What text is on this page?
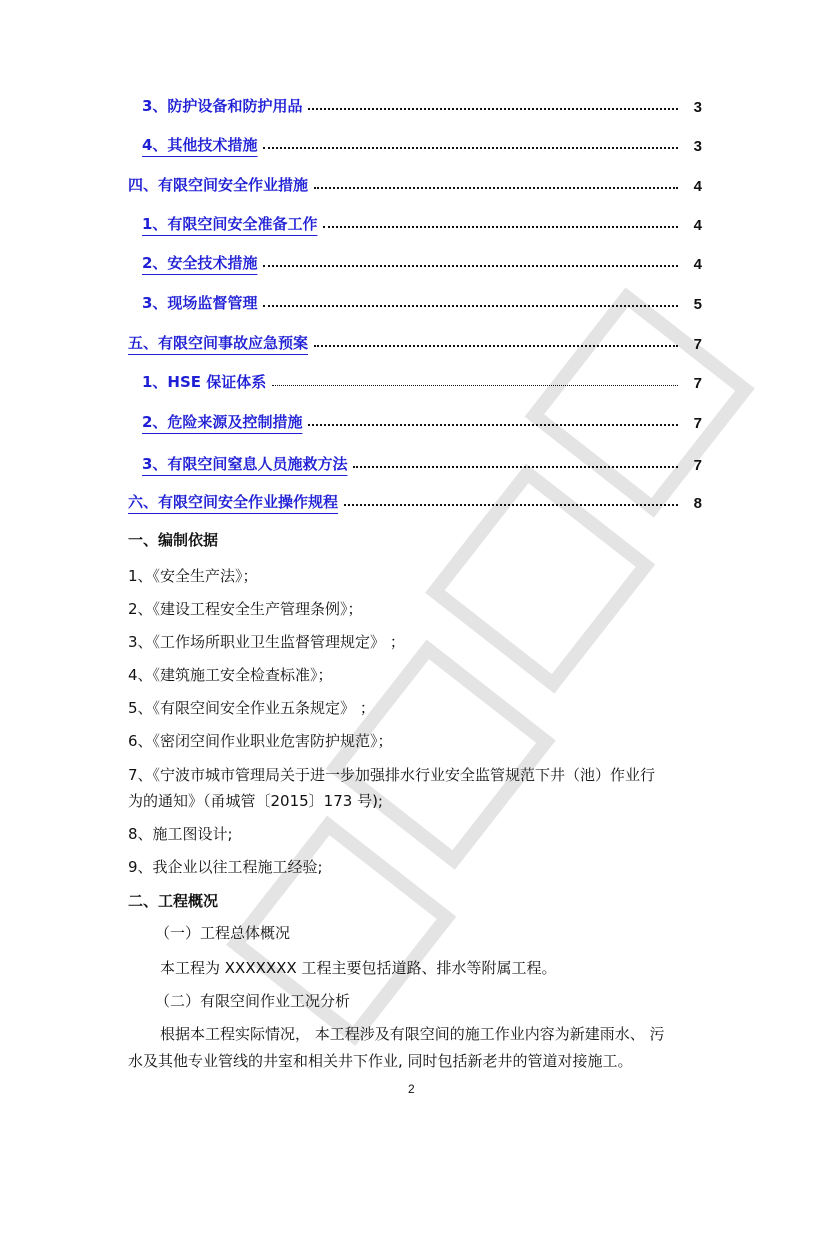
3、防护设备和防护用品	3
4、其他技术措施	3
四、有限空间安全作业措施	4
1、有限空间安全准备工作	4
2、安全技术措施	4
3、现场监督管理	5
五、有限空间事故应急预案	7
1、HSE 保证体系	7
2、危险来源及控制措施	7
3、有限空间窒息人员施救方法	7
六、有限空间安全作业操作规程	8
一、编制依据
1、《安全生产法》；
2、《建设工程安全生产管理条例》；
3、《工作场所职业卫生监督管理规定》 ；
4、《建筑施工安全检查标准》；
5、《有限空间安全作业五条规定》 ；
6、《密闭空间作业职业危害防护规范》；
7、《宁波市城市管理局关于进一步加强排水行业安全监管规范下井（池）作业行
为的通知》（甬城管〔2015〕173 号);
8、施工图设计;
9、我企业以往工程施工经验;
二、工程概况
（一）工程总体概况
本工程为 XXXXXXX 工程主要包括道路、排水等附属工程。
（二）有限空间作业工况分析
根据本工程实际情况， 本工程涉及有限空间的施工作业内容为新建雨水、 污
水及其他专业管线的井室和相关井下作业, 同时包括新老井的管道对接施工。
2
